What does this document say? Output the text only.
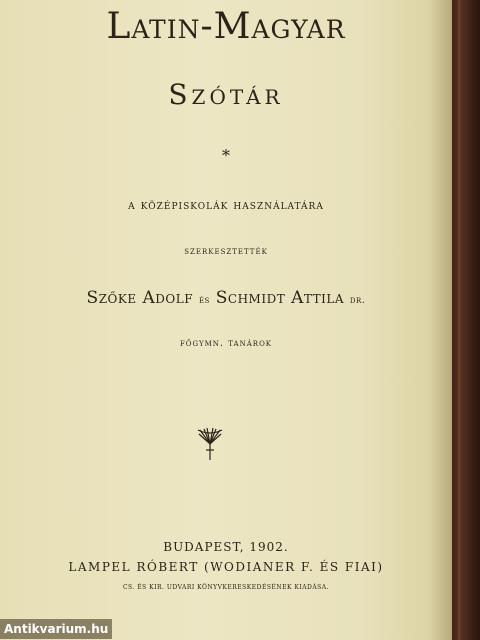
Latin-Magyar
Szótár
*
a középiskolák használatára
szerkesztették
Szőke Adolf és Schmidt Attila dr.
főgymn. tanárok
BUDAPEST, 1902.
LAMPEL RÓBERT (WODIANER F. ÉS FIAI)
CS. ÉS KIR. UDVARI KÖNYVKERESKEDÉSÉNEK KIADÁSA.
Antikvarium.hu
